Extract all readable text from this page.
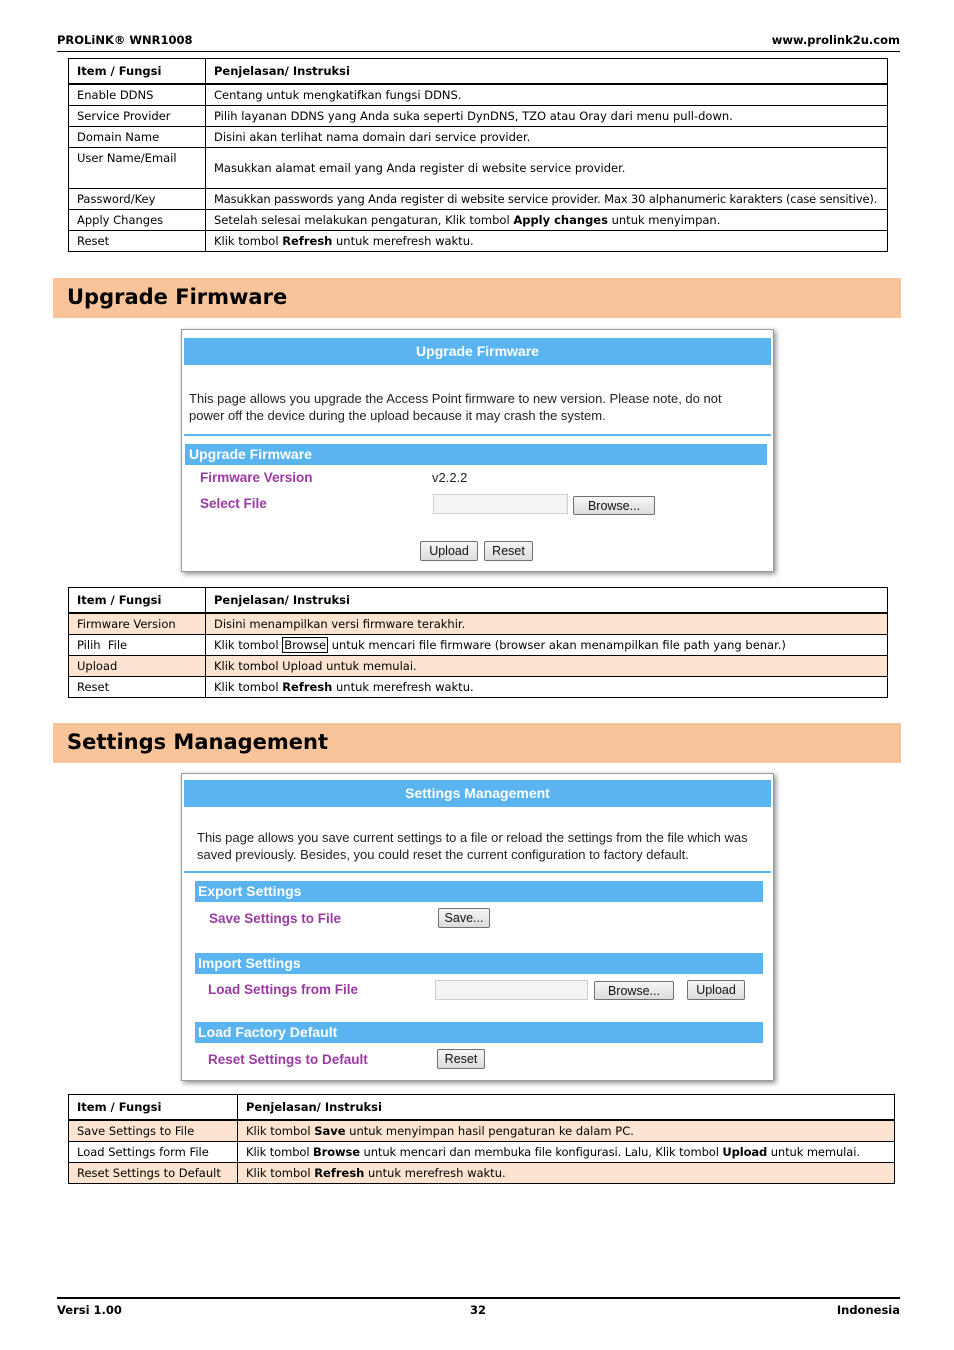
PROLiNK® WNR1008	www.prolink2u.com
Item / Fungsi	Penjelasan/ Instruksi
Enable DDNS	Centang untuk mengkatifkan fungsi DDNS.
Service Provider	Pilih layanan DDNS yang Anda suka seperti DynDNS, TZO atau Oray dari menu pull-down.
Domain Name	Disini akan terlihat nama domain dari service provider.
User Name/Email	Masukkan alamat email yang Anda register di website service provider.
Password/Key	Masukkan passwords yang Anda register di website service provider. Max 30 alphanumeric karakters (case sensitive).
Apply Changes	Setelah selesai melakukan pengaturan, Klik tombol Apply changes untuk menyimpan.
Reset	Klik tombol Refresh untuk merefresh waktu.
Upgrade Firmware
Upgrade Firmware
This page allows you upgrade the Access Point firmware to new version. Please note, do not
power off the device during the upload because it may crash the system.
Upgrade Firmware
Firmware Version	v2.2.2
Select File	Browse...
Upload	Reset
Item / Fungsi	Penjelasan/ Instruksi
Firmware Version	Disini menampilkan versi firmware terakhir.
Pilih  File	Klik tombol Browse untuk mencari file firmware (browser akan menampilkan file path yang benar.)
Upload	Klik tombol Upload untuk memulai.
Reset	Klik tombol Refresh untuk merefresh waktu.
Settings Management
Settings Management
This page allows you save current settings to a file or reload the settings from the file which was
saved previously. Besides, you could reset the current configuration to factory default.
Export Settings
Save Settings to File	Save...
Import Settings
Load Settings from File	Browse...	Upload
Load Factory Default
Reset Settings to Default	Reset
Item / Fungsi	Penjelasan/ Instruksi
Save Settings to File	Klik tombol Save untuk menyimpan hasil pengaturan ke dalam PC.
Load Settings form File	Klik tombol Browse untuk mencari dan membuka file konfigurasi. Lalu, Klik tombol Upload untuk memulai.
Reset Settings to Default	Klik tombol Refresh untuk merefresh waktu.
Versi 1.00	32	Indonesia
